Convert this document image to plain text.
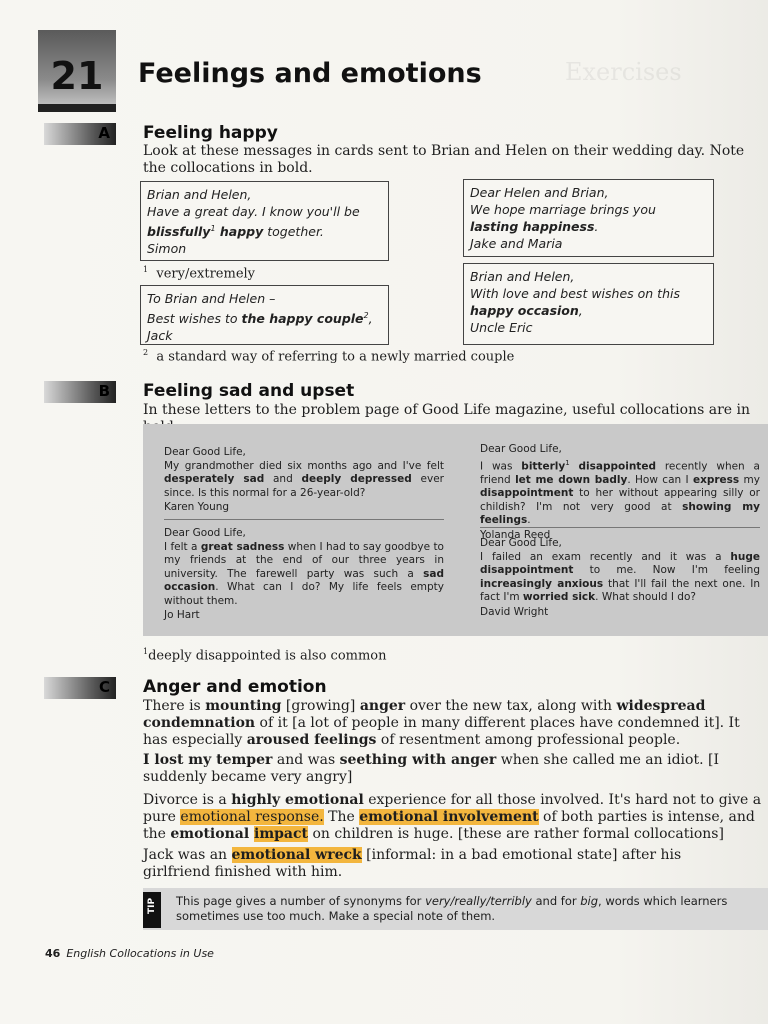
Exercises
21	Feelings and emotions
A Feeling happy
Look at these messages in cards sent to Brian and Helen on their wedding day. Note the collocations in bold.
Brian and Helen,
Have a great day. I know you'll be blissfully$^1$ happy together.
Simon
Dear Helen and Brian,
We hope marriage brings you lasting happiness.
Jake and Maria
$^1$ very/extremely
To Brian and Helen –
Best wishes to the happy couple$^2$,
Jack
Brian and Helen,
With love and best wishes on this happy occasion,
Uncle Eric
$^2$ a standard way of referring to a newly married couple
B Feeling sad and upset
In these letters to the problem page of Good Life magazine, useful collocations are in
Dear Good Life,

My grandmother died six months ago and I've felt desperately sad and deeply depressed ever since. Is this normal for a 26-year-old?

Karen Young
Dear Good Life,

I felt a great sadness when I had to say goodbye to my friends at the end of our three years in university. The farewell party was such a sad occasion. What can I do? My life feels empty without them.

Jo Hart
Dear Good Life,

I was bitterly$^1$ disappointed recently when a friend let me down badly. How can I express my disappointment to her without appearing silly or childish? I'm not very good at showing my feelings.

Yolanda Reed
Dear Good Life,

I failed an exam recently and it was a huge disappointment to me. Now I'm feeling increasingly anxious that I'll fail the next one. In fact I'm worried sick. What should I do?

David Wright
$^1$deeply disappointed is also common
C Anger and emotion
There is mounting [growing] anger over the new tax, along with widespread condemnation of it [a lot of people in many different places have condemned it]. It has especially aroused feelings of resentment among professional people.
I lost my temper and was seething with anger when she called me an idiot. [I suddenly became very angry]
Divorce is a highly emotional experience for all those involved. It's hard not to give a pure emotional response. The emotional involvement of both parties is intense, and the emotional impact on children is huge. [these are rather formal collocations]
Jack was an emotional wreck [informal: in a bad emotional state] after his girlfriend finished with him.
TIP This page gives a number of synonyms for very/really/terribly and for big, words which learners sometimes use too much. Make a special note of them.
46 English Collocations in Use
